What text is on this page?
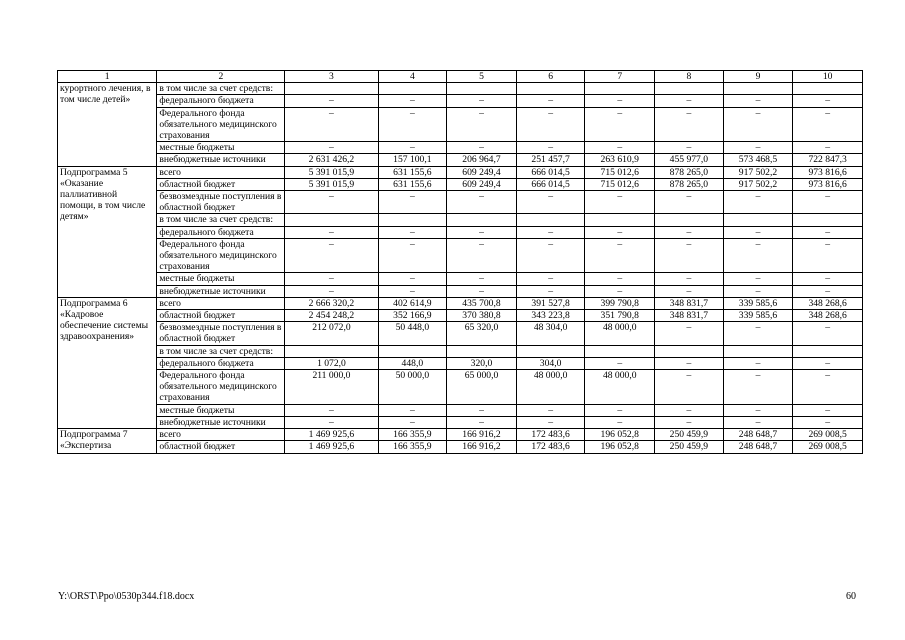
1	2	3	4	5	6	7	8	9	10
курортного лечения, в том числе детей»	в том числе за счет средств:								
	федерального бюджета	–	–	–	–	–	–	–	–
	Федерального фонда обязательного медицинского страхования	–	–	–	–	–	–	–	–
	местные бюджеты	–	–	–	–	–	–	–	–
	внебюджетные источники	2 631 426,2	157 100,1	206 964,7	251 457,7	263 610,9	455 977,0	573 468,5	722 847,3
Подпрограмма 5 «Оказание паллиативной помощи, в том числе детям»	всего	5 391 015,9	631 155,6	609 249,4	666 014,5	715 012,6	878 265,0	917 502,2	973 816,6
	областной бюджет	5 391 015,9	631 155,6	609 249,4	666 014,5	715 012,6	878 265,0	917 502,2	973 816,6
	безвозмездные поступления в областной бюджет	–	–	–	–	–	–	–	–
	в том числе за счет средств:								
	федерального бюджета	–	–	–	–	–	–	–	–
	Федерального фонда обязательного медицинского страхования	–	–	–	–	–	–	–	–
	местные бюджеты	–	–	–	–	–	–	–	–
	внебюджетные источники	–	–	–	–	–	–	–	–
Подпрограмма 6 «Кадровое обеспечение системы здравоохранения»	всего	2 666 320,2	402 614,9	435 700,8	391 527,8	399 790,8	348 831,7	339 585,6	348 268,6
	областной бюджет	2 454 248,2	352 166,9	370 380,8	343 223,8	351 790,8	348 831,7	339 585,6	348 268,6
	безвозмездные поступления в областной бюджет	212 072,0	50 448,0	65 320,0	48 304,0	48 000,0	–	–	–
	в том числе за счет средств:								
	федерального бюджета	1 072,0	448,0	320,0	304,0	–	–	–	–
	Федерального фонда обязательного медицинского страхования	211 000,0	50 000,0	65 000,0	48 000,0	48 000,0	–	–	–
	местные бюджеты	–	–	–	–	–	–	–	–
	внебюджетные источники	–	–	–	–	–	–	–	–
Подпрограмма 7 «Экспертиза	всего	1 469 925,6	166 355,9	166 916,2	172 483,6	196 052,8	250 459,9	248 648,7	269 008,5
	областной бюджет	1 469 925,6	166 355,9	166 916,2	172 483,6	196 052,8	250 459,9	248 648,7	269 008,5
Y:\ORST\Ppo\0530p344.f18.docx	60
